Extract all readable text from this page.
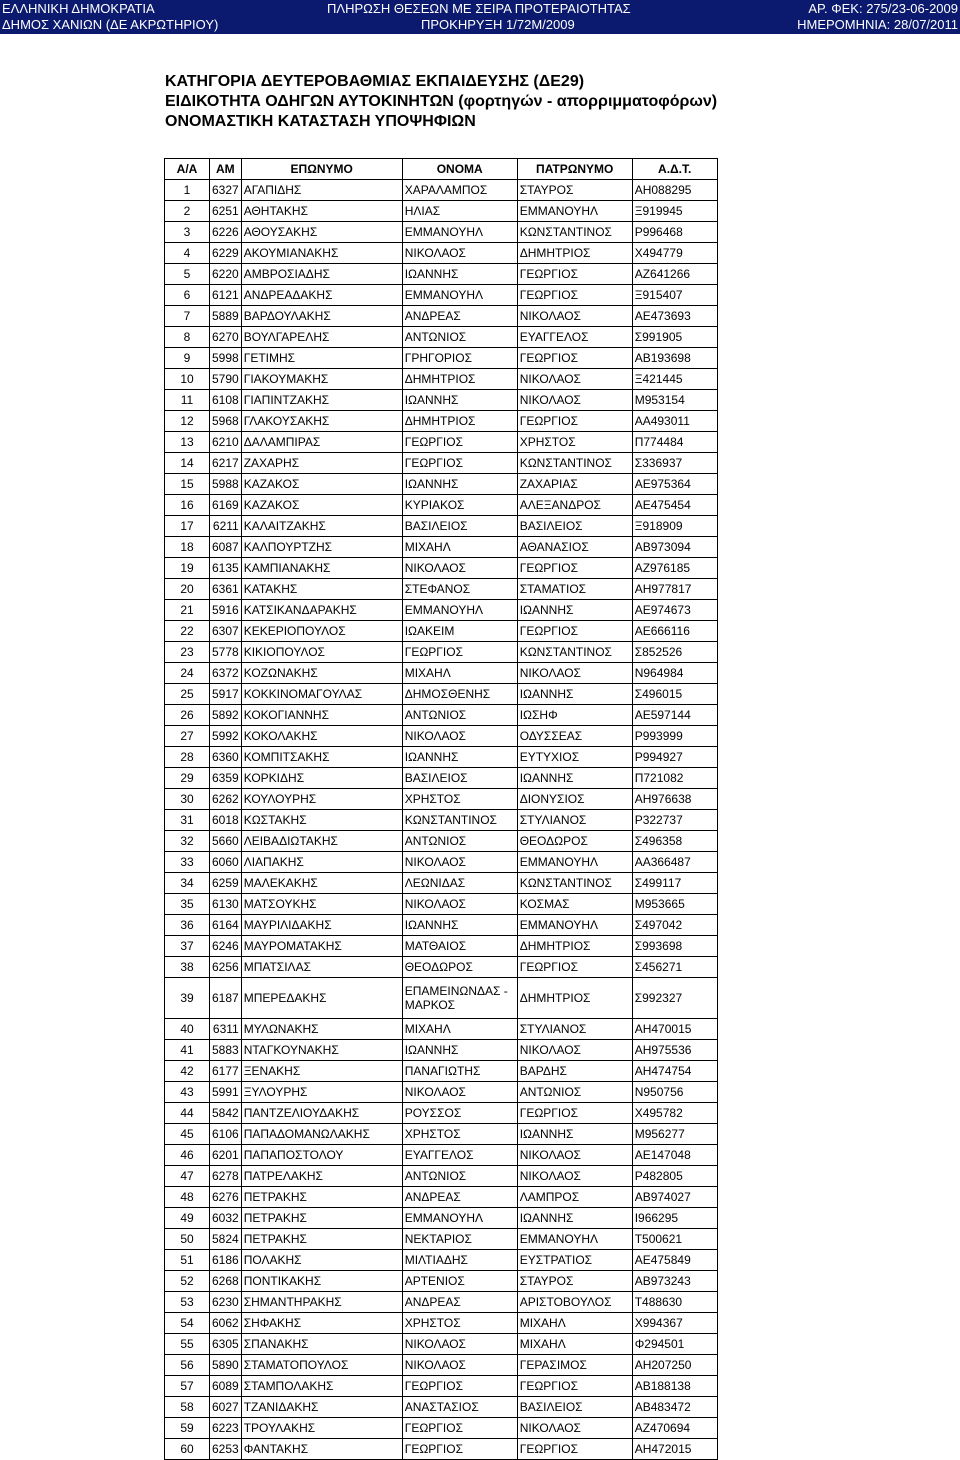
ΕΛΛΗΝΙΚΗ ΔΗΜΟΚΡΑΤΙΑ
ΔΗΜΟΣ ΧΑΝΙΩΝ (ΔΕ ΑΚΡΩΤΗΡΙΟΥ)
ΠΛΗΡΩΣΗ ΘΕΣΕΩΝ ΜΕ ΣΕΙΡΑ ΠΡΟΤΕΡΑΙΟΤΗΤΑΣ
ΠΡΟΚΗΡΥΞΗ 1/72Μ/2009
ΑΡ. ΦΕΚ: 275/23-06-2009
ΗΜΕΡΟΜΗΝΙΑ: 28/07/2011
ΚΑΤΗΓΟΡΙΑ ΔΕΥΤΕΡΟΒΑΘΜΙΑΣ ΕΚΠΑΙΔΕΥΣΗΣ (ΔΕ29)
ΕΙΔΙΚΟΤΗΤΑ ΟΔΗΓΩΝ ΑΥΤΟΚΙΝΗΤΩΝ (φορτηγών - απορριμματοφόρων)
ΟΝΟΜΑΣΤΙΚΗ ΚΑΤΑΣΤΑΣΗ ΥΠΟΨΗΦΙΩΝ
Α/Α	ΑΜ	ΕΠΩΝΥΜΟ	ΟΝΟΜΑ	ΠΑΤΡΩΝΥΜΟ	Α.Δ.Τ.
1	6327	ΑΓΑΠΙΔΗΣ	ΧΑΡΑΛΑΜΠΟΣ	ΣΤΑΥΡΟΣ	ΑΗ088295
2	6251	ΑΘΗΤΑΚΗΣ	ΗΛΙΑΣ	ΕΜΜΑΝΟΥΗΛ	Ξ919945
3	6226	ΑΘΟΥΣΑΚΗΣ	ΕΜΜΑΝΟΥΗΛ	ΚΩΝΣΤΑΝΤΙΝΟΣ	Ρ996468
4	6229	ΑΚΟΥΜΙΑΝΑΚΗΣ	ΝΙΚΟΛΑΟΣ	ΔΗΜΗΤΡΙΟΣ	Χ494779
5	6220	ΑΜΒΡΟΣΙΑΔΗΣ	ΙΩΑΝΝΗΣ	ΓΕΩΡΓΙΟΣ	ΑΖ641266
6	6121	ΑΝΔΡΕΑΔΑΚΗΣ	ΕΜΜΑΝΟΥΗΛ	ΓΕΩΡΓΙΟΣ	Ξ915407
7	5889	ΒΑΡΔΟΥΛΑΚΗΣ	ΑΝΔΡΕΑΣ	ΝΙΚΟΛΑΟΣ	ΑΕ473693
8	6270	ΒΟΥΛΓΑΡΕΛΗΣ	ΑΝΤΩΝΙΟΣ	ΕΥΑΓΓΕΛΟΣ	Σ991905
9	5998	ΓΕΤΙΜΗΣ	ΓΡΗΓΟΡΙΟΣ	ΓΕΩΡΓΙΟΣ	ΑΒ193698
10	5790	ΓΙΑΚΟΥΜΑΚΗΣ	ΔΗΜΗΤΡΙΟΣ	ΝΙΚΟΛΑΟΣ	Ξ421445
11	6108	ΓΙΑΠΙΝΤΖΑΚΗΣ	ΙΩΑΝΝΗΣ	ΝΙΚΟΛΑΟΣ	Μ953154
12	5968	ΓΛΑΚΟΥΣΑΚΗΣ	ΔΗΜΗΤΡΙΟΣ	ΓΕΩΡΓΙΟΣ	ΑΑ493011
13	6210	ΔΑΛΑΜΠΙΡΑΣ	ΓΕΩΡΓΙΟΣ	ΧΡΗΣΤΟΣ	Π774484
14	6217	ΖΑΧΑΡΗΣ	ΓΕΩΡΓΙΟΣ	ΚΩΝΣΤΑΝΤΙΝΟΣ	Σ336937
15	5988	ΚΑΖΑΚΟΣ	ΙΩΑΝΝΗΣ	ΖΑΧΑΡΙΑΣ	ΑΕ975364
16	6169	ΚΑΖΑΚΟΣ	ΚΥΡΙΑΚΟΣ	ΑΛΕΞΑΝΔΡΟΣ	ΑΕ475454
17	6211	ΚΑΛΑΙΤΖΑΚΗΣ	ΒΑΣΙΛΕΙΟΣ	ΒΑΣΙΛΕΙΟΣ	Ξ918909
18	6087	ΚΑΛΠΟΥΡΤΖΗΣ	ΜΙΧΑΗΛ	ΑΘΑΝΑΣΙΟΣ	ΑΒ973094
19	6135	ΚΑΜΠΙΑΝΑΚΗΣ	ΝΙΚΟΛΑΟΣ	ΓΕΩΡΓΙΟΣ	ΑΖ976185
20	6361	ΚΑΤΑΚΗΣ	ΣΤΕΦΑΝΟΣ	ΣΤΑΜΑΤΙΟΣ	ΑΗ977817
21	5916	ΚΑΤΣΙΚΑΝΔΑΡΑΚΗΣ	ΕΜΜΑΝΟΥΗΛ	ΙΩΑΝΝΗΣ	ΑΕ974673
22	6307	ΚΕΚΕΡΙΟΠΟΥΛΟΣ	ΙΩΑΚΕΙΜ	ΓΕΩΡΓΙΟΣ	ΑΕ666116
23	5778	ΚΙΚΙΟΠΟΥΛΟΣ	ΓΕΩΡΓΙΟΣ	ΚΩΝΣΤΑΝΤΙΝΟΣ	Σ852526
24	6372	ΚΟΖΩΝΑΚΗΣ	ΜΙΧΑΗΛ	ΝΙΚΟΛΑΟΣ	Ν964984
25	5917	ΚΟΚΚΙΝΟΜΑΓΟΥΛΑΣ	ΔΗΜΟΣΘΕΝΗΣ	ΙΩΑΝΝΗΣ	Σ496015
26	5892	ΚΟΚΟΓΙΑΝΝΗΣ	ΑΝΤΩΝΙΟΣ	ΙΩΣΗΦ	ΑΕ597144
27	5992	ΚΟΚΟΛΑΚΗΣ	ΝΙΚΟΛΑΟΣ	ΟΔΥΣΣΕΑΣ	Ρ993999
28	6360	ΚΟΜΠΙΤΣΑΚΗΣ	ΙΩΑΝΝΗΣ	ΕΥΤΥΧΙΟΣ	Ρ994927
29	6359	ΚΟΡΚΙΔΗΣ	ΒΑΣΙΛΕΙΟΣ	ΙΩΑΝΝΗΣ	Π721082
30	6262	ΚΟΥΛΟΥΡΗΣ	ΧΡΗΣΤΟΣ	ΔΙΟΝΥΣΙΟΣ	ΑΗ976638
31	6018	ΚΩΣΤΑΚΗΣ	ΚΩΝΣΤΑΝΤΙΝΟΣ	ΣΤΥΛΙΑΝΟΣ	Ρ322737
32	5660	ΛΕΙΒΑΔΙΩΤΑΚΗΣ	ΑΝΤΩΝΙΟΣ	ΘΕΟΔΩΡΟΣ	Σ496358
33	6060	ΛΙΑΠΑΚΗΣ	ΝΙΚΟΛΑΟΣ	ΕΜΜΑΝΟΥΗΛ	ΑΑ366487
34	6259	ΜΑΛΕΚΑΚΗΣ	ΛΕΩΝΙΔΑΣ	ΚΩΝΣΤΑΝΤΙΝΟΣ	Σ499117
35	6130	ΜΑΤΣΟΥΚΗΣ	ΝΙΚΟΛΑΟΣ	ΚΟΣΜΑΣ	Μ953665
36	6164	ΜΑΥΡΙΛΙΔΑΚΗΣ	ΙΩΑΝΝΗΣ	ΕΜΜΑΝΟΥΗΛ	Σ497042
37	6246	ΜΑΥΡΟΜΑΤΑΚΗΣ	ΜΑΤΘΑΙΟΣ	ΔΗΜΗΤΡΙΟΣ	Σ993698
38	6256	ΜΠΑΤΣΙΛΑΣ	ΘΕΟΔΩΡΟΣ	ΓΕΩΡΓΙΟΣ	Σ456271
39	6187	ΜΠΕΡΕΔΑΚΗΣ	ΕΠΑΜΕΙΝΩΝΔΑΣ - ΜΑΡΚΟΣ	ΔΗΜΗΤΡΙΟΣ	Σ992327
40	6311	ΜΥΛΩΝΑΚΗΣ	ΜΙΧΑΗΛ	ΣΤΥΛΙΑΝΟΣ	ΑΗ470015
41	5883	ΝΤΑΓΚΟΥΝΑΚΗΣ	ΙΩΑΝΝΗΣ	ΝΙΚΟΛΑΟΣ	ΑΗ975536
42	6177	ΞΕΝΑΚΗΣ	ΠΑΝΑΓΙΩΤΗΣ	ΒΑΡΔΗΣ	ΑΗ474754
43	5991	ΞΥΛΟΥΡΗΣ	ΝΙΚΟΛΑΟΣ	ΑΝΤΩΝΙΟΣ	Ν950756
44	5842	ΠΑΝΤΖΕΛΙΟΥΔΑΚΗΣ	ΡΟΥΣΣΟΣ	ΓΕΩΡΓΙΟΣ	Χ495782
45	6106	ΠΑΠΑΔΟΜΑΝΩΛΑΚΗΣ	ΧΡΗΣΤΟΣ	ΙΩΑΝΝΗΣ	Μ956277
46	6201	ΠΑΠΑΠΟΣΤΟΛΟΥ	ΕΥΑΓΓΕΛΟΣ	ΝΙΚΟΛΑΟΣ	ΑΕ147048
47	6278	ΠΑΤΡΕΛΑΚΗΣ	ΑΝΤΩΝΙΟΣ	ΝΙΚΟΛΑΟΣ	Ρ482805
48	6276	ΠΕΤΡΑΚΗΣ	ΑΝΔΡΕΑΣ	ΛΑΜΠΡΟΣ	ΑΒ974027
49	6032	ΠΕΤΡΑΚΗΣ	ΕΜΜΑΝΟΥΗΛ	ΙΩΑΝΝΗΣ	Ι966295
50	5824	ΠΕΤΡΑΚΗΣ	ΝΕΚΤΑΡΙΟΣ	ΕΜΜΑΝΟΥΗΛ	Τ500621
51	6186	ΠΟΛΑΚΗΣ	ΜΙΛΤΙΑΔΗΣ	ΕΥΣΤΡΑΤΙΟΣ	ΑΕ475849
52	6268	ΠΟΝΤΙΚΑΚΗΣ	ΑΡΤΕΝΙΟΣ	ΣΤΑΥΡΟΣ	ΑΒ973243
53	6230	ΣΗΜΑΝΤΗΡΑΚΗΣ	ΑΝΔΡΕΑΣ	ΑΡΙΣΤΟΒΟΥΛΟΣ	Τ488630
54	6062	ΣΗΦΑΚΗΣ	ΧΡΗΣΤΟΣ	ΜΙΧΑΗΛ	Χ994367
55	6305	ΣΠΑΝΑΚΗΣ	ΝΙΚΟΛΑΟΣ	ΜΙΧΑΗΛ	Φ294501
56	5890	ΣΤΑΜΑΤΟΠΟΥΛΟΣ	ΝΙΚΟΛΑΟΣ	ΓΕΡΑΣΙΜΟΣ	ΑΗ207250
57	6089	ΣΤΑΜΠΟΛΑΚΗΣ	ΓΕΩΡΓΙΟΣ	ΓΕΩΡΓΙΟΣ	ΑΒ188138
58	6027	ΤΖΑΝΙΔΑΚΗΣ	ΑΝΑΣΤΑΣΙΟΣ	ΒΑΣΙΛΕΙΟΣ	ΑΒ483472
59	6223	ΤΡΟΥΛΑΚΗΣ	ΓΕΩΡΓΙΟΣ	ΝΙΚΟΛΑΟΣ	ΑΖ470694
60	6253	ΦΑΝΤΑΚΗΣ	ΓΕΩΡΓΙΟΣ	ΓΕΩΡΓΙΟΣ	ΑΗ472015
